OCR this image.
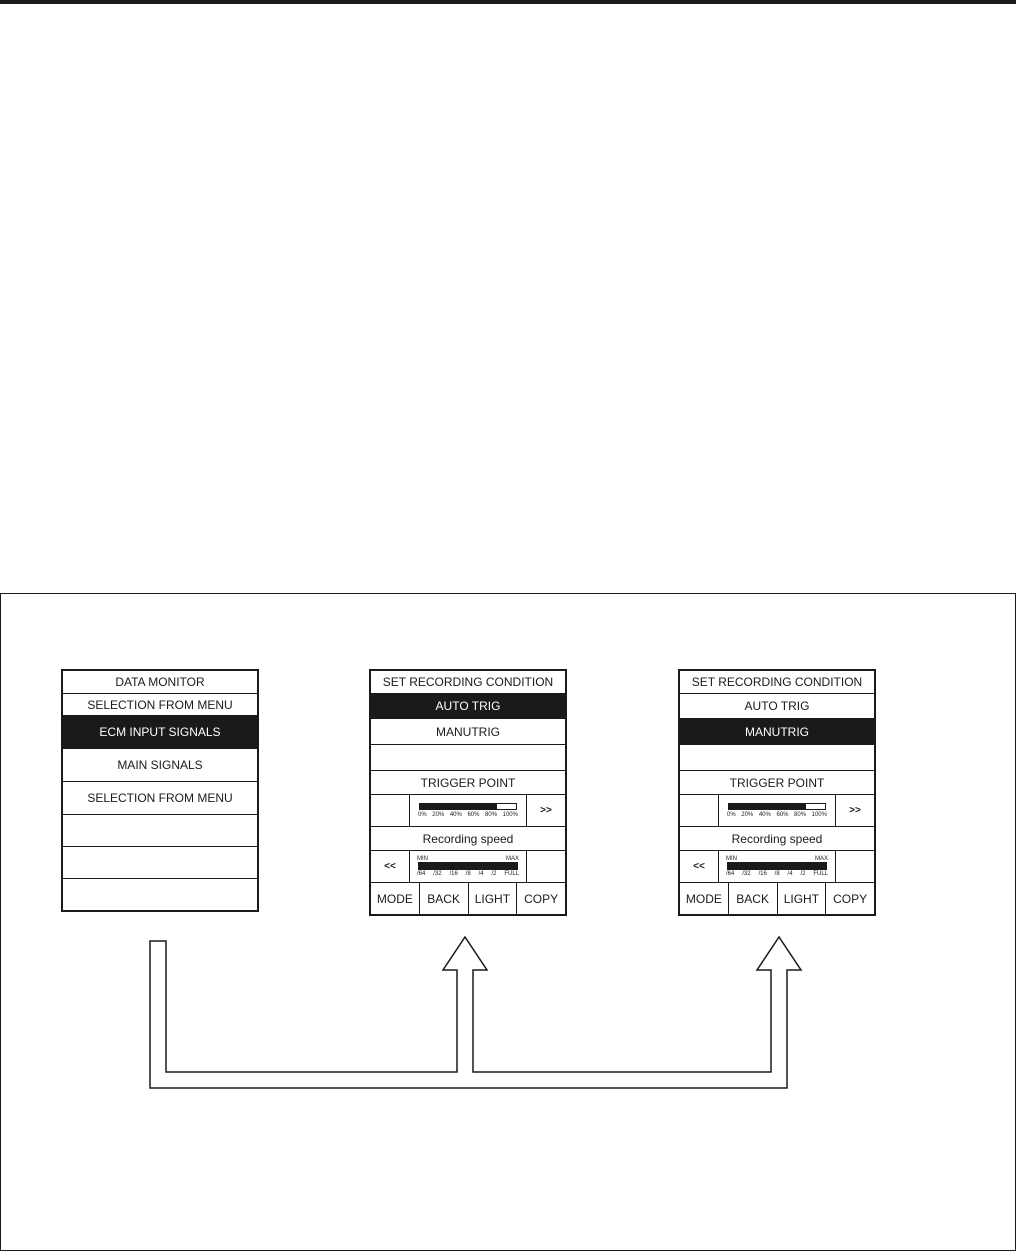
DATA MONITOR
SELECTION FROM MENU
ECM INPUT SIGNALS
MAIN SIGNALS
SELECTION FROM MENU
SET RECORDING CONDITION
AUTO TRIG
MANUTRIG
TRIGGER POINT
0% 20% 40% 60% 80% 100%	>>
Recording speed
<<
MIN	MAX
/64 /32 /16 /8 /4 /2 FULL
MODE	BACK	LIGHT	COPY
SET RECORDING CONDITION
AUTO TRIG
MANUTRIG
TRIGGER POINT
0% 20% 40% 60% 80% 100%	>>
Recording speed
<<
MIN	MAX
/64 /32 /16 /8 /4 /2 FULL
MODE	BACK	LIGHT	COPY
